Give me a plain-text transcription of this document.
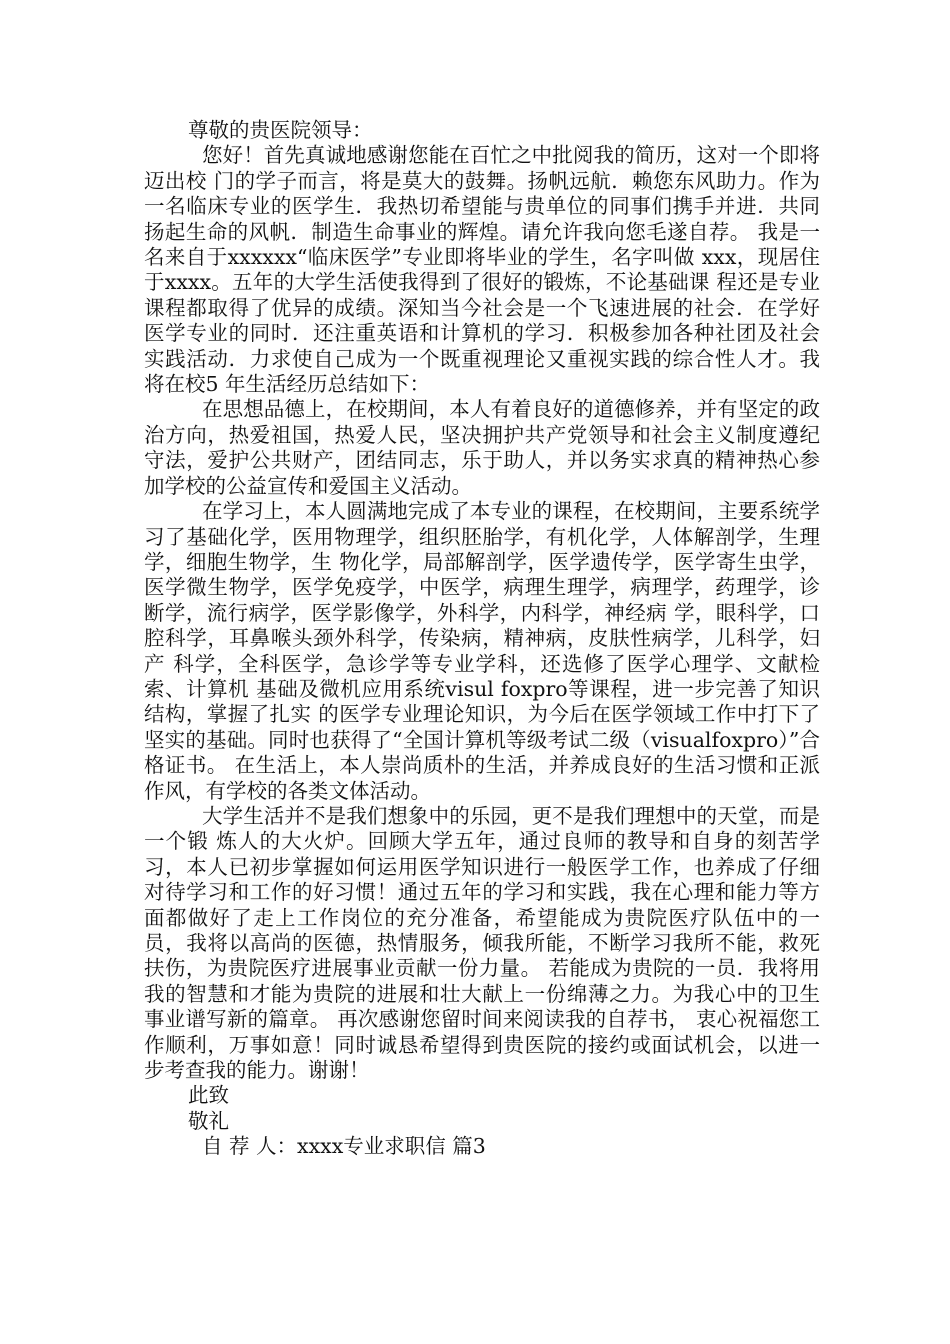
尊敬的贵医院领导：

您好！首先真诚地感谢您能在百忙之中批阅我的简历，这对一个即将迈出校 门的学子而言，将是莫大的鼓舞。扬帆远航．赖您东风助力。作为一名临床专业的医学生．我热切希望能与贵单位的同事们携手并进．共同扬起生命的风帆．制造生命事业的辉煌。请允许我向您毛遂自荐。 我是一名来自于xxxxxx“临床医学”专业即将毕业的学生，名字叫做 xxx，现居住于xxxx。五年的大学生活使我得到了很好的锻炼，不论基础课 程还是专业课程都取得了优异的成绩。深知当今社会是一个飞速进展的社会．在学好医学专业的同时．还注重英语和计算机的学习．积极参加各种社团及社会实践活动．力求使自己成为一个既重视理论又重视实践的综合性人才。我将在校5 年生活经历总结如下：

在思想品德上，在校期间，本人有着良好的道德修养，并有坚定的政治方向，热爱祖国，热爱人民，坚决拥护共产党领导和社会主义制度遵纪守法，爱护公共财产，团结同志，乐于助人，并以务实求真的精神热心参加学校的公益宣传和爱国主义活动。

在学习上，本人圆满地完成了本专业的课程，在校期间，主要系统学习了基础化学，医用物理学，组织胚胎学，有机化学，人体解剖学，生理学，细胞生物学，生 物化学，局部解剖学，医学遗传学，医学寄生虫学，医学微生物学，医学免疫学，中医学，病理生理学，病理学，药理学，诊断学，流行病学，医学影像学，外科学，内科学，神经病 学，眼科学，口腔科学，耳鼻喉头颈外科学，传染病，精神病，皮肤性病学，儿科学，妇产 科学，全科医学，急诊学等专业学科，还选修了医学心理学、文献检索、计算机 基础及微机应用系统visul foxpro等课程，进一步完善了知识结构，掌握了扎实 的医学专业理论知识，为今后在医学领域工作中打下了坚实的基础。同时也获得了“全国计算机等级考试二级（visualfoxpro）”合格证书。 在生活上，本人崇尚质朴的生活，并养成良好的生活习惯和正派作风，有学校的各类文体活动。

大学生活并不是我们想象中的乐园，更不是我们理想中的天堂，而是一个锻 炼人的大火炉。回顾大学五年，通过良师的教导和自身的刻苦学习，本人已初步掌握如何运用医学知识进行一般医学工作，也养成了仔细对待学习和工作的好习惯！通过五年的学习和实践，我在心理和能力等方面都做好了走上工作岗位的充分准备，希望能成为贵院医疗队伍中的一员，我将以高尚的医德，热情服务，倾我所能，不断学习我所不能，救死扶伤，为贵院医疗进展事业贡献一份力量。 若能成为贵院的一员．我将用我的智慧和才能为贵院的进展和壮大献上一份绵薄之力。为我心中的卫生事业谱写新的篇章。 再次感谢您留时间来阅读我的自荐书， 衷心祝福您工作顺利，万事如意！同时诚恳希望得到贵医院的接约或面试机会，以进一步考查我的能力。谢谢！

此致

敬礼

自 荐 人：xxxx专业求职信 篇3
